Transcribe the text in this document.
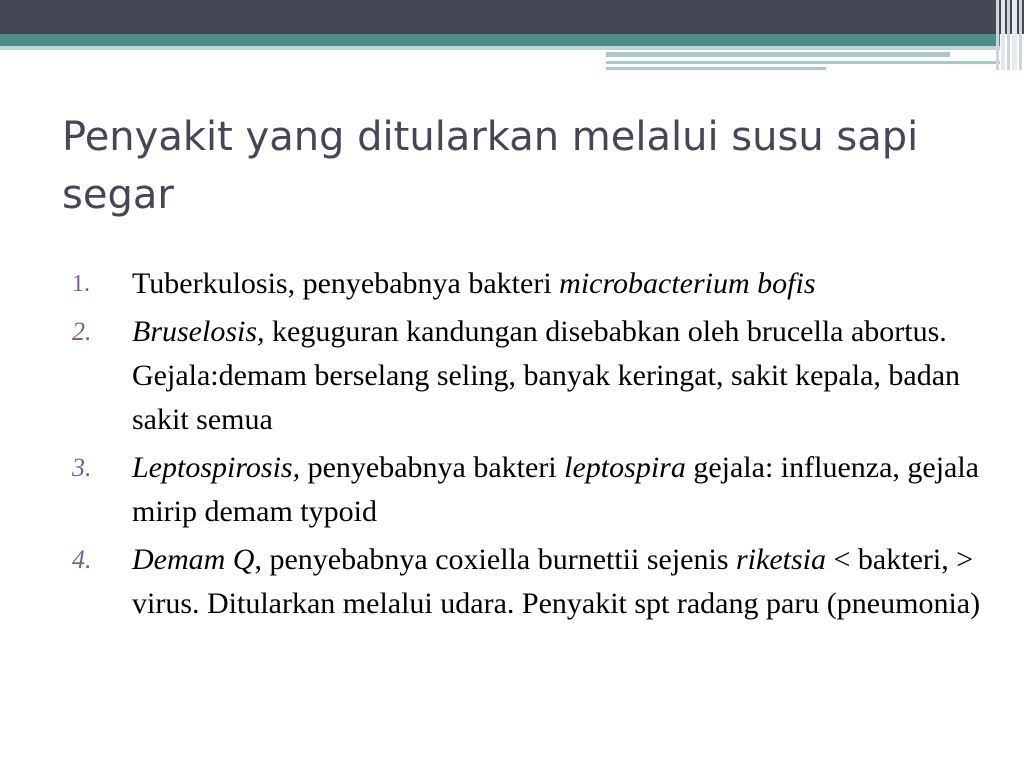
Penyakit yang ditularkan melalui susu sapi segar
1. Tuberkulosis, penyebabnya bakteri microbacterium bofis
2. Bruselosis, keguguran kandungan disebabkan oleh brucella abortus. Gejala:demam berselang seling, banyak keringat, sakit kepala, badan sakit semua
3. Leptospirosis, penyebabnya bakteri leptospira gejala: influenza, gejala mirip demam typoid
4. Demam Q, penyebabnya coxiella burnettii sejenis riketsia < bakteri, > virus. Ditularkan melalui udara. Penyakit spt radang paru (pneumonia)
